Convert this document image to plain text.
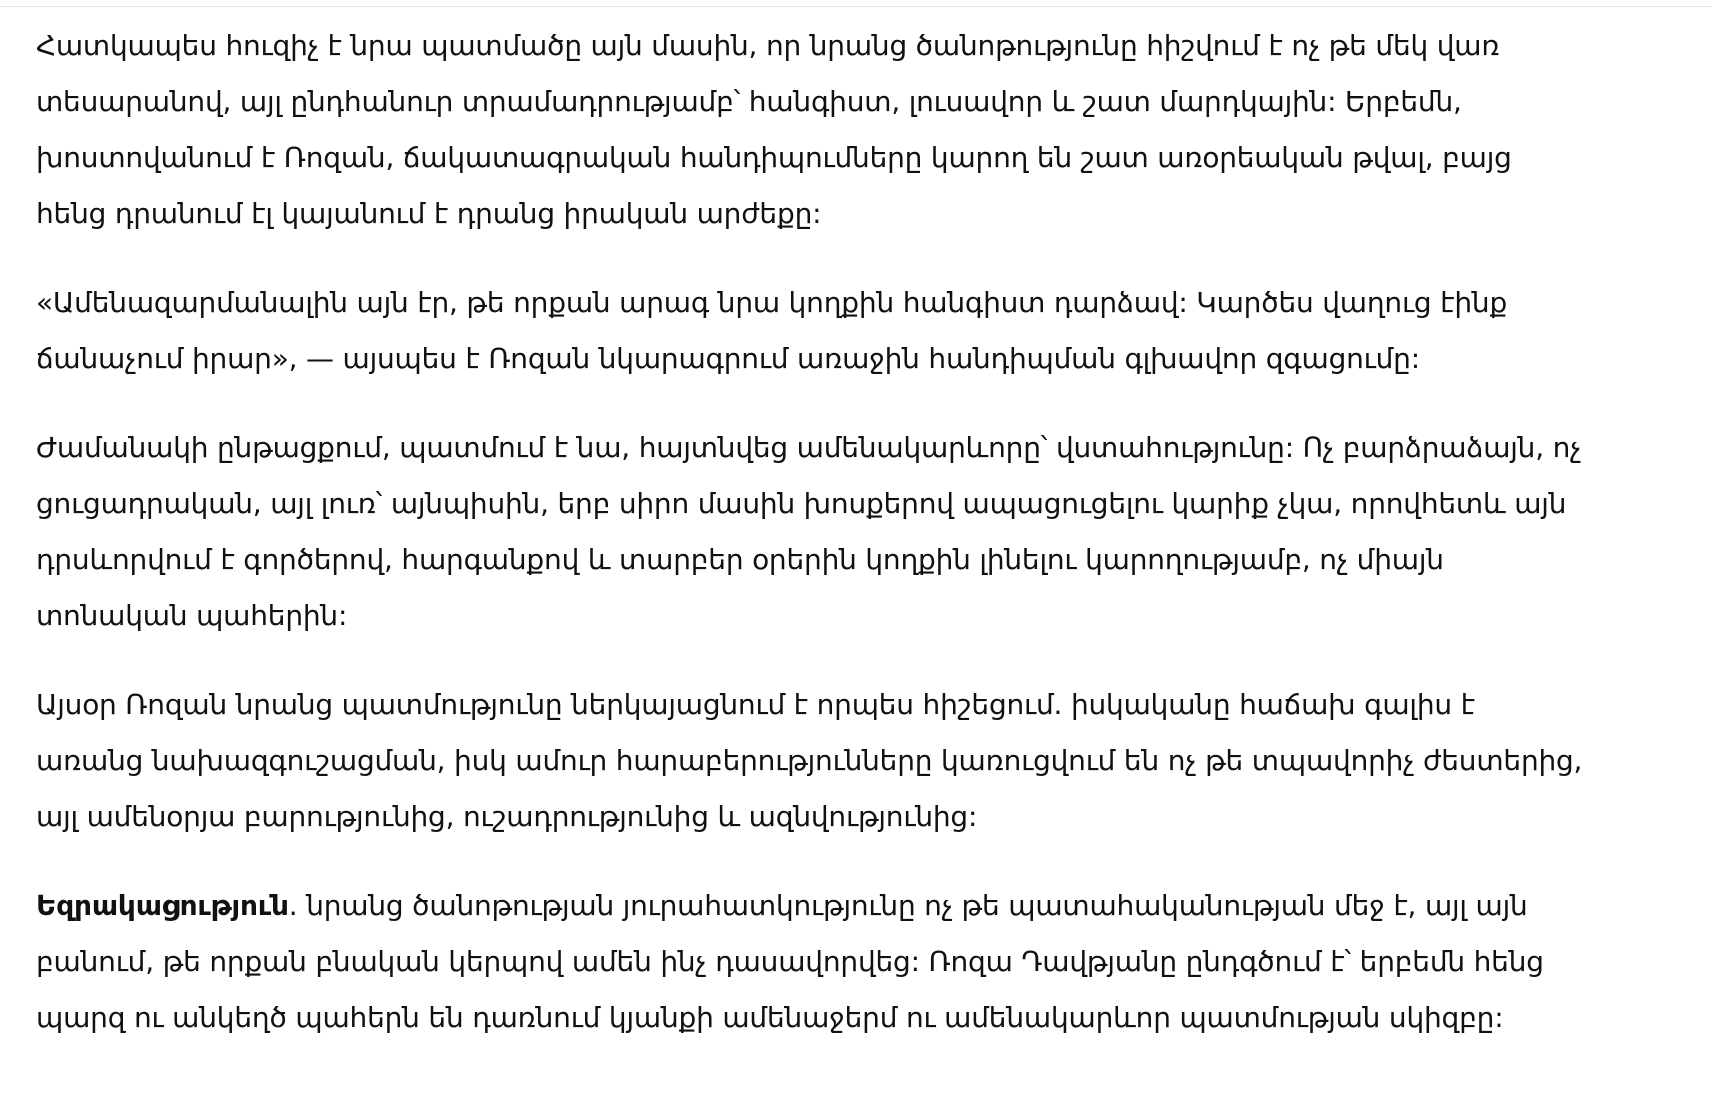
Հատկապես հուզիչ է նրա պատմածը այն մասին, որ նրանց ծանոթությունը հիշվում է ոչ թե մեկ վառ տեսարանով, այլ ընդհանուր տրամադրությամբ՝ հանգիստ, լուսավոր և շատ մարդկային: Երբեմն, խոստովանում է Ռոզան, ճակատագրական հանդիպումները կարող են շատ առօրեական թվալ, բայց հենց դրանում էլ կայանում է դրանց իրական արժեքը:

«Ամենազարմանալին այն էր, թե որքան արագ նրա կողքին հանգիստ դարձավ: Կարծես վաղուց էինք ճանաչում իրար», — այսպես է Ռոզան նկարագրում առաջին հանդիպման գլխավոր զգացումը:

Ժամանակի ընթացքում, պատմում է նա, հայտնվեց ամենակարևորը՝ վստահությունը: Ոչ բարձրաձայն, ոչ ցուցադրական, այլ լուռ՝ այնպիսին, երբ սիրո մասին խոսքերով ապացուցելու կարիք չկա, որովհետև այն դրսևորվում է գործերով, հարգանքով և տարբեր օրերին կողքին լինելու կարողությամբ, ոչ միայն տոնական պահերին:

Այսօր Ռոզան նրանց պատմությունը ներկայացնում է որպես հիշեցում. իսկականը հաճախ գալիս է առանց նախազգուշացման, իսկ ամուր հարաբերությունները կառուցվում են ոչ թե տպավորիչ ժեստերից, այլ ամենօրյա բարությունից, ուշադրությունից և ազնվությունից:

Եզրակացություն. նրանց ծանոթության յուրահատկությունը ոչ թե պատահականության մեջ է, այլ այն բանում, թե որքան բնական կերպով ամեն ինչ դասավորվեց: Ռոզա Դավթյանը ընդգծում է՝ երբեմն հենց պարզ ու անկեղծ պահերն են դառնում կյանքի ամենաջերմ ու ամենակարևոր պատմության սկիզբը:
